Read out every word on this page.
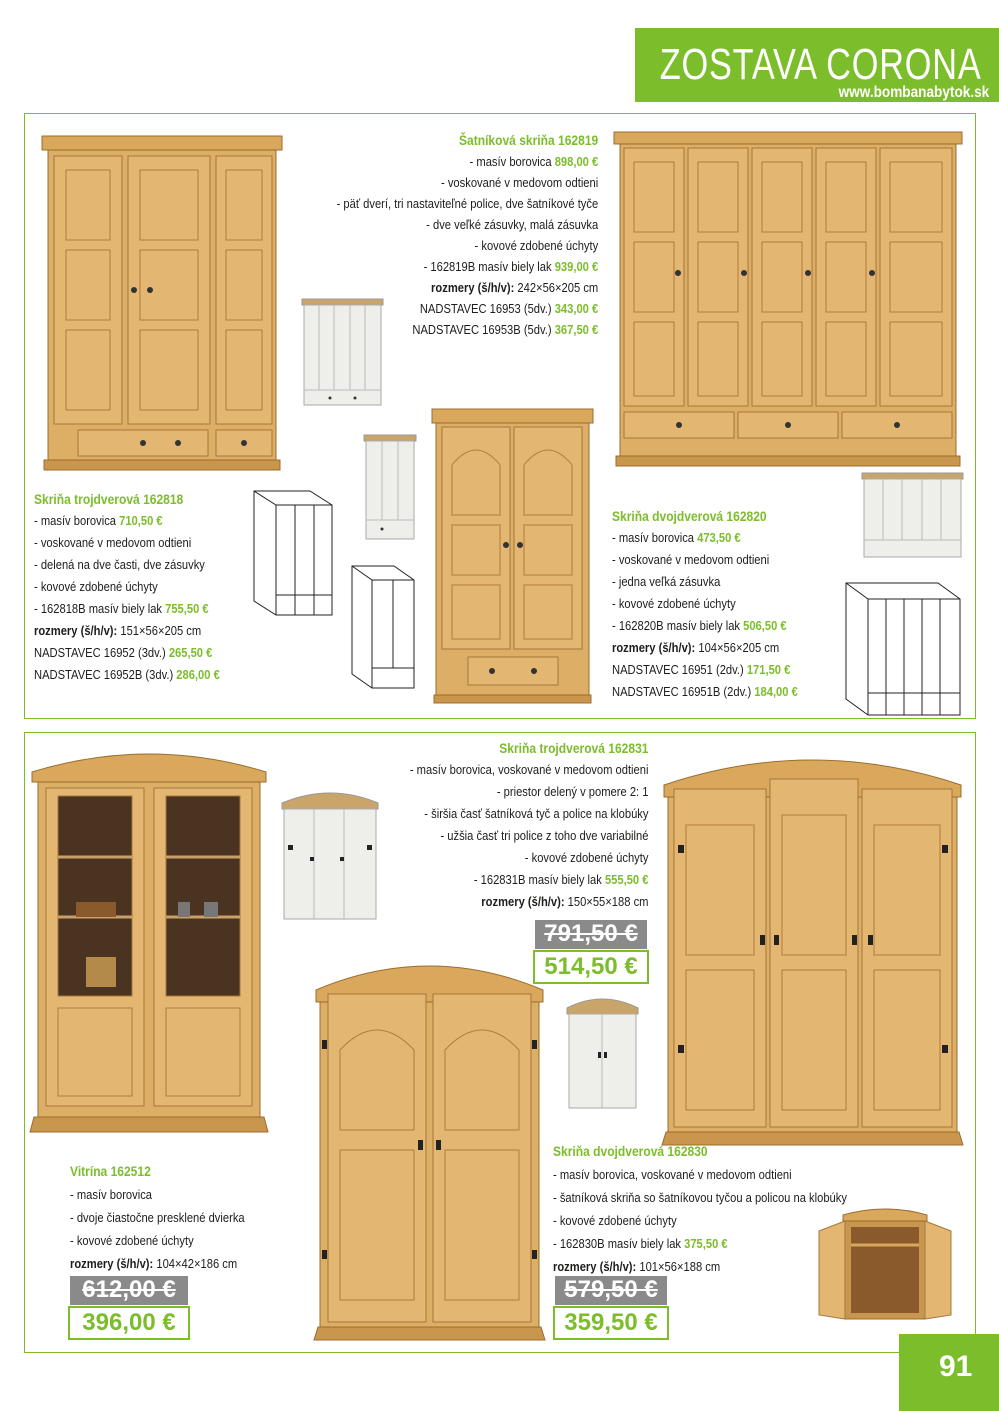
ZOSTAVA CORONA
www.bombanabytok.sk
Šatníková skriňa 162819
- masív borovica 898,00 €
- voskované v medovom odtieni
- päť dverí, tri nastaviteľné police, dve šatníkové tyče
- dve veľké zásuvky, malá zásuvka
- kovové zdobené úchyty
- 162819B masív biely lak 939,00 €
rozmery (š/h/v): 242×56×205 cm
NADSTAVEC 16953 (5dv.) 343,00 €
NADSTAVEC 16953B (5dv.) 367,50 €
Skriňa trojdverová 162818
- masív borovica 710,50 €
- voskované v medovom odtieni
- delená na dve časti, dve zásuvky
- kovové zdobené úchyty
- 162818B masív biely lak 755,50 €
rozmery (š/h/v): 151×56×205 cm
NADSTAVEC 16952 (3dv.) 265,50 €
NADSTAVEC 16952B (3dv.) 286,00 €
Skriňa dvojdverová 162820
- masív borovica 473,50 €
- voskované v medovom odtieni
- jedna veľká zásuvka
- kovové zdobené úchyty
- 162820B masív biely lak 506,50 €
rozmery (š/h/v): 104×56×205 cm
NADSTAVEC 16951 (2dv.) 171,50 €
NADSTAVEC 16951B (2dv.) 184,00 €
Skriňa trojdverová 162831
- masív borovica, voskované v medovom odtieni
- priestor delený v pomere 2: 1
- širšia časť šatníková tyč a police na klobúky
- užšia časť tri police z toho dve variabilné
- kovové zdobené úchyty
- 162831B masív biely lak 555,50 €
rozmery (š/h/v): 150×55×188 cm
791,50 €
514,50 €
Vitrína 162512
- masív borovica
- dvoje čiastočne presklené dvierka
- kovové zdobené úchyty
rozmery (š/h/v): 104×42×186 cm
612,00 €
396,00 €
Skriňa dvojdverová 162830
- masív borovica, voskované v medovom odtieni
- šatníková skriňa so šatníkovou tyčou a policou na klobúky
- kovové zdobené úchyty
- 162830B masív biely lak 375,50 €
rozmery (š/h/v): 101×56×188 cm
579,50 €
359,50 €
91
